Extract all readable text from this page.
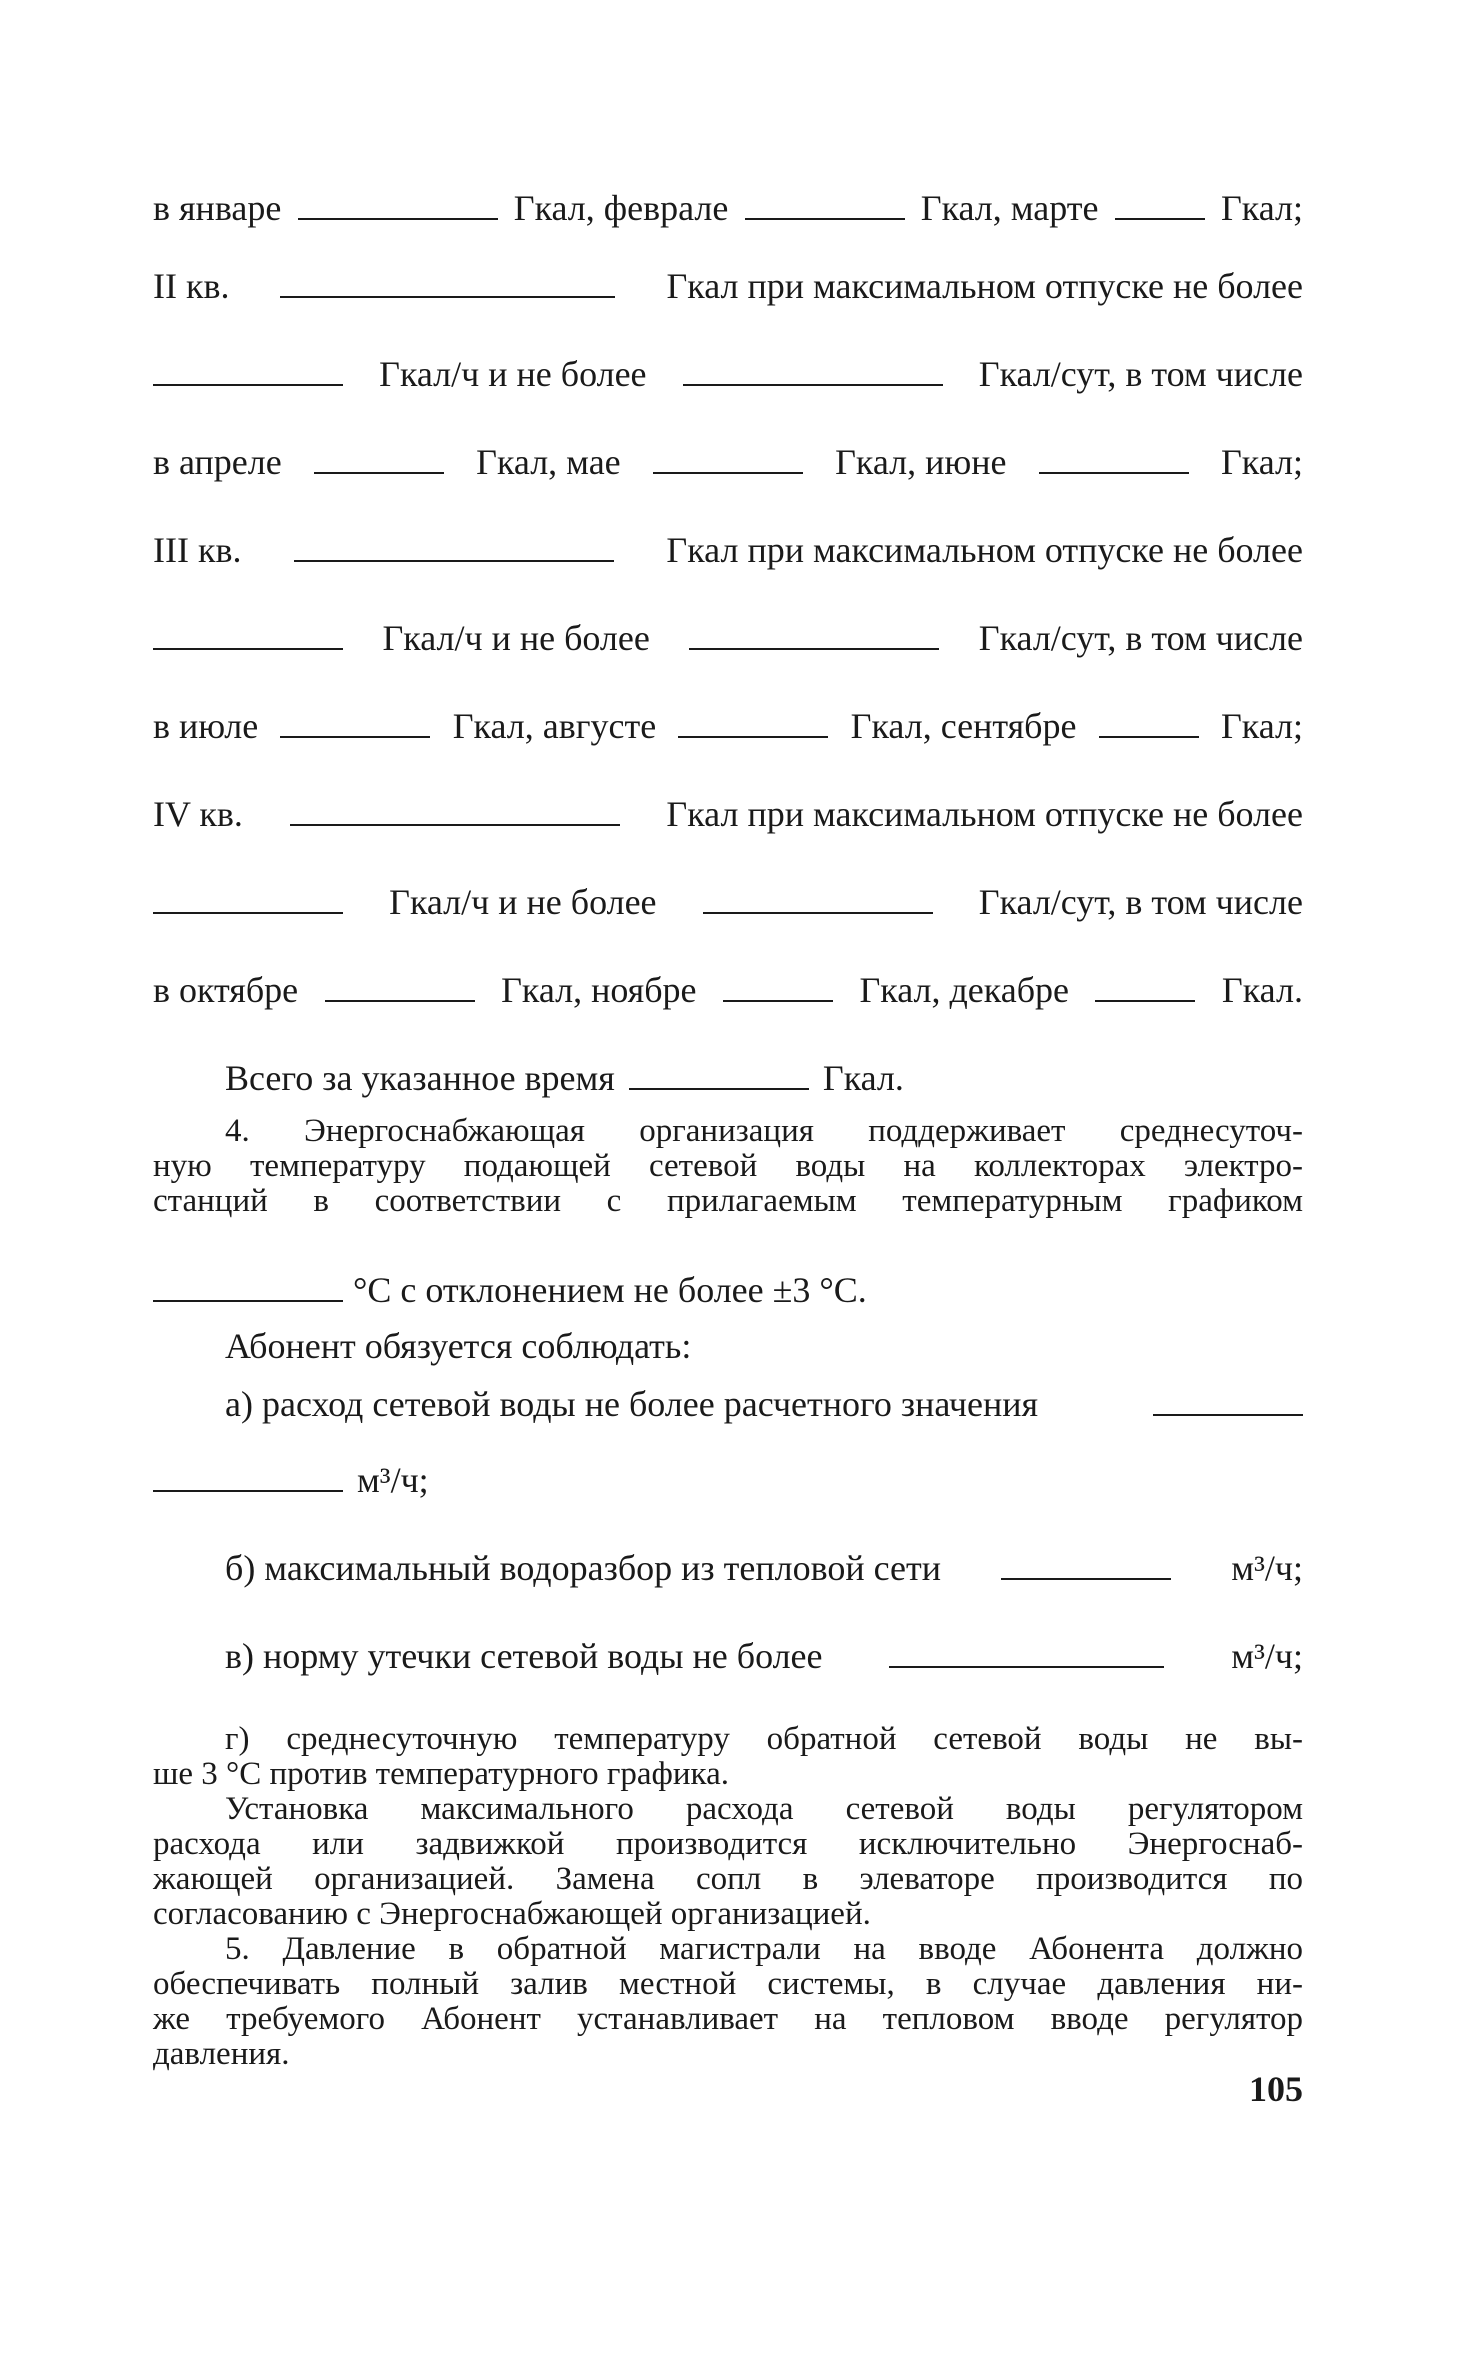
в январе	Гкал, феврале	Гкал, марте	Гкал;
II кв.	Гкал при максимальном отпуске не более
Гкал/ч и не более	Гкал/сут, в том числе
в апреле	Гкал, мае	Гкал, июне	Гкал;
III кв.	Гкал при максимальном отпуске не более
Гкал/ч и не более	Гкал/сут, в том числе
в июле	Гкал, августе	Гкал, сентябре	Гкал;
IV кв.	Гкал при максимальном отпуске не более
Гкал/ч и не более	Гкал/сут, в том числе
в октябре	Гкал, ноябре	Гкал, декабре	Гкал.
Всего за указанное время	Гкал.
4. Энергоснабжающая организация поддерживает среднесуточ-
ную температуру подающей сетевой воды на коллекторах электро-
станций в соответствии с прилагаемым температурным графиком
°С с отклонением не более ±3 °С.
Абонент обязуется соблюдать:
а) расход сетевой воды не более расчетного значения
м³/ч;
б) максимальный водоразбор из тепловой сети	м³/ч;
в) норму утечки сетевой воды не более	м³/ч;
г) среднесуточную температуру обратной сетевой воды не вы-
ше 3 °С против температурного графика.
Установка максимального расхода сетевой воды регулятором
расхода или задвижкой производится исключительно Энергоснаб-
жающей организацией. Замена сопл в элеваторе производится по
согласованию с Энергоснабжающей организацией.
5. Давление в обратной магистрали на вводе Абонента должно
обеспечивать полный залив местной системы, в случае давления ни-
же требуемого Абонент устанавливает на тепловом вводе регулятор
давления.
105
